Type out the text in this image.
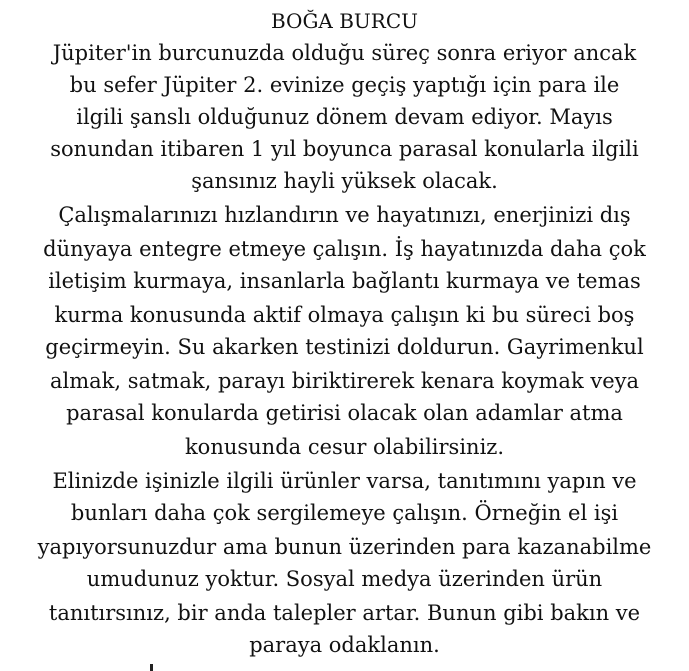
BOĞA BURCU
Jüpiter'in burcunuzda olduğu süreç sonra eriyor ancak
bu sefer Jüpiter 2. evinize geçiş yaptığı için para ile
ilgili şanslı olduğunuz dönem devam ediyor. Mayıs
sonundan itibaren 1 yıl boyunca parasal konularla ilgili
şansınız hayli yüksek olacak.
Çalışmalarınızı hızlandırın ve hayatınızı, enerjinizi dış
dünyaya entegre etmeye çalışın. İş hayatınızda daha çok
iletişim kurmaya, insanlarla bağlantı kurmaya ve temas
kurma konusunda aktif olmaya çalışın ki bu süreci boş
geçirmeyin. Su akarken testinizi doldurun. Gayrimenkul
almak, satmak, parayı biriktirerek kenara koymak veya
parasal konularda getirisi olacak olan adamlar atma
konusunda cesur olabilirsiniz.
Elinizde işinizle ilgili ürünler varsa, tanıtımını yapın ve
bunları daha çok sergilemeye çalışın. Örneğin el işi
yapıyorsunuzdur ama bunun üzerinden para kazanabilme
umudunuz yoktur. Sosyal medya üzerinden ürün
tanıtırsınız, bir anda talepler artar. Bunun gibi bakın ve
paraya odaklanın.
